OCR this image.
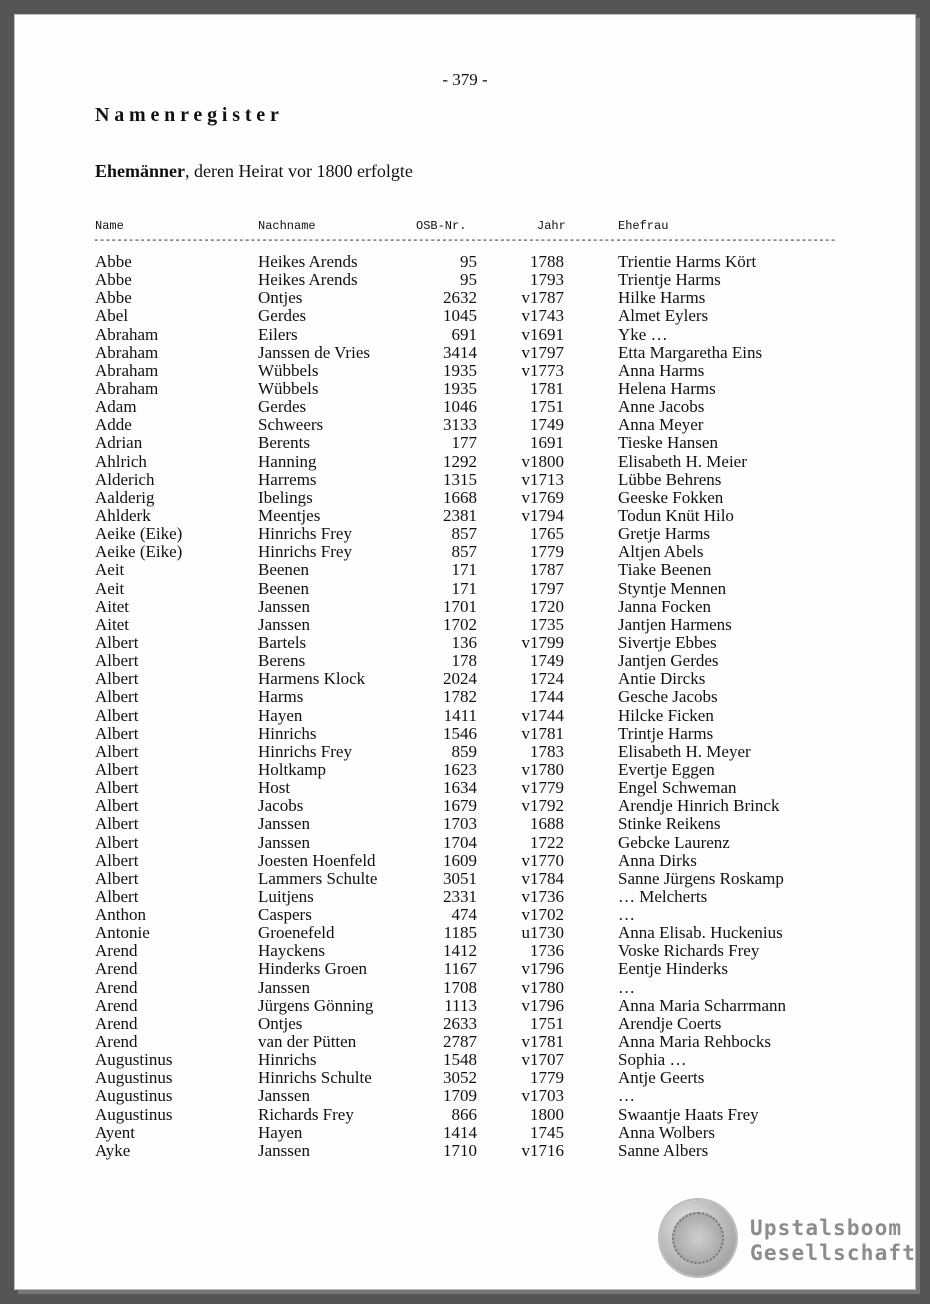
- 379 -
Namenregister
Ehemänner, deren Heirat vor 1800 erfolgte
Name	Nachname	OSB-Nr.	Jahr	Ehefrau
--------------------------------------------------------------------------------------------------------------------------------
Abbe	Heikes Arends	95	1788	Trientie Harms Kört
Abbe	Heikes Arends	95	1793	Trientje Harms
Abbe	Ontjes	2632	v1787	Hilke Harms
Abel	Gerdes	1045	v1743	Almet Eylers
Abraham	Eilers	691	v1691	Yke …
Abraham	Janssen de Vries	3414	v1797	Etta Margaretha Eins
Abraham	Wübbels	1935	v1773	Anna Harms
Abraham	Wübbels	1935	1781	Helena Harms
Adam	Gerdes	1046	1751	Anne Jacobs
Adde	Schweers	3133	1749	Anna Meyer
Adrian	Berents	177	1691	Tieske Hansen
Ahlrich	Hanning	1292	v1800	Elisabeth H. Meier
Alderich	Harrems	1315	v1713	Lübbe Behrens
Aalderig	Ibelings	1668	v1769	Geeske Fokken
Ahlderk	Meentjes	2381	v1794	Todun Knüt Hilo
Aeike (Eike)	Hinrichs Frey	857	1765	Gretje Harms
Aeike (Eike)	Hinrichs Frey	857	1779	Altjen Abels
Aeit	Beenen	171	1787	Tiake Beenen
Aeit	Beenen	171	1797	Styntje Mennen
Aitet	Janssen	1701	1720	Janna Focken
Aitet	Janssen	1702	1735	Jantjen Harmens
Albert	Bartels	136	v1799	Sivertje Ebbes
Albert	Berens	178	1749	Jantjen Gerdes
Albert	Harmens Klock	2024	1724	Antie Dircks
Albert	Harms	1782	1744	Gesche Jacobs
Albert	Hayen	1411	v1744	Hilcke Ficken
Albert	Hinrichs	1546	v1781	Trintje Harms
Albert	Hinrichs Frey	859	1783	Elisabeth H. Meyer
Albert	Holtkamp	1623	v1780	Evertje Eggen
Albert	Host	1634	v1779	Engel Schweman
Albert	Jacobs	1679	v1792	Arendje Hinrich Brinck
Albert	Janssen	1703	1688	Stinke Reikens
Albert	Janssen	1704	1722	Gebcke Laurenz
Albert	Joesten Hoenfeld	1609	v1770	Anna Dirks
Albert	Lammers Schulte	3051	v1784	Sanne Jürgens Roskamp
Albert	Luitjens	2331	v1736	… Melcherts
Anthon	Caspers	474	v1702	…
Antonie	Groenefeld	1185	u1730	Anna Elisab. Huckenius
Arend	Hayckens	1412	1736	Voske Richards Frey
Arend	Hinderks Groen	1167	v1796	Eentje Hinderks
Arend	Janssen	1708	v1780	…
Arend	Jürgens Gönning	1113	v1796	Anna Maria Scharrmann
Arend	Ontjes	2633	1751	Arendje Coerts
Arend	van der Pütten	2787	v1781	Anna Maria Rehbocks
Augustinus	Hinrichs	1548	v1707	Sophia …
Augustinus	Hinrichs Schulte	3052	1779	Antje Geerts
Augustinus	Janssen	1709	v1703	…
Augustinus	Richards Frey	866	1800	Swaantje Haats Frey
Ayent	Hayen	1414	1745	Anna Wolbers
Ayke	Janssen	1710	v1716	Sanne Albers
Upstalsboom
Gesellschaft
